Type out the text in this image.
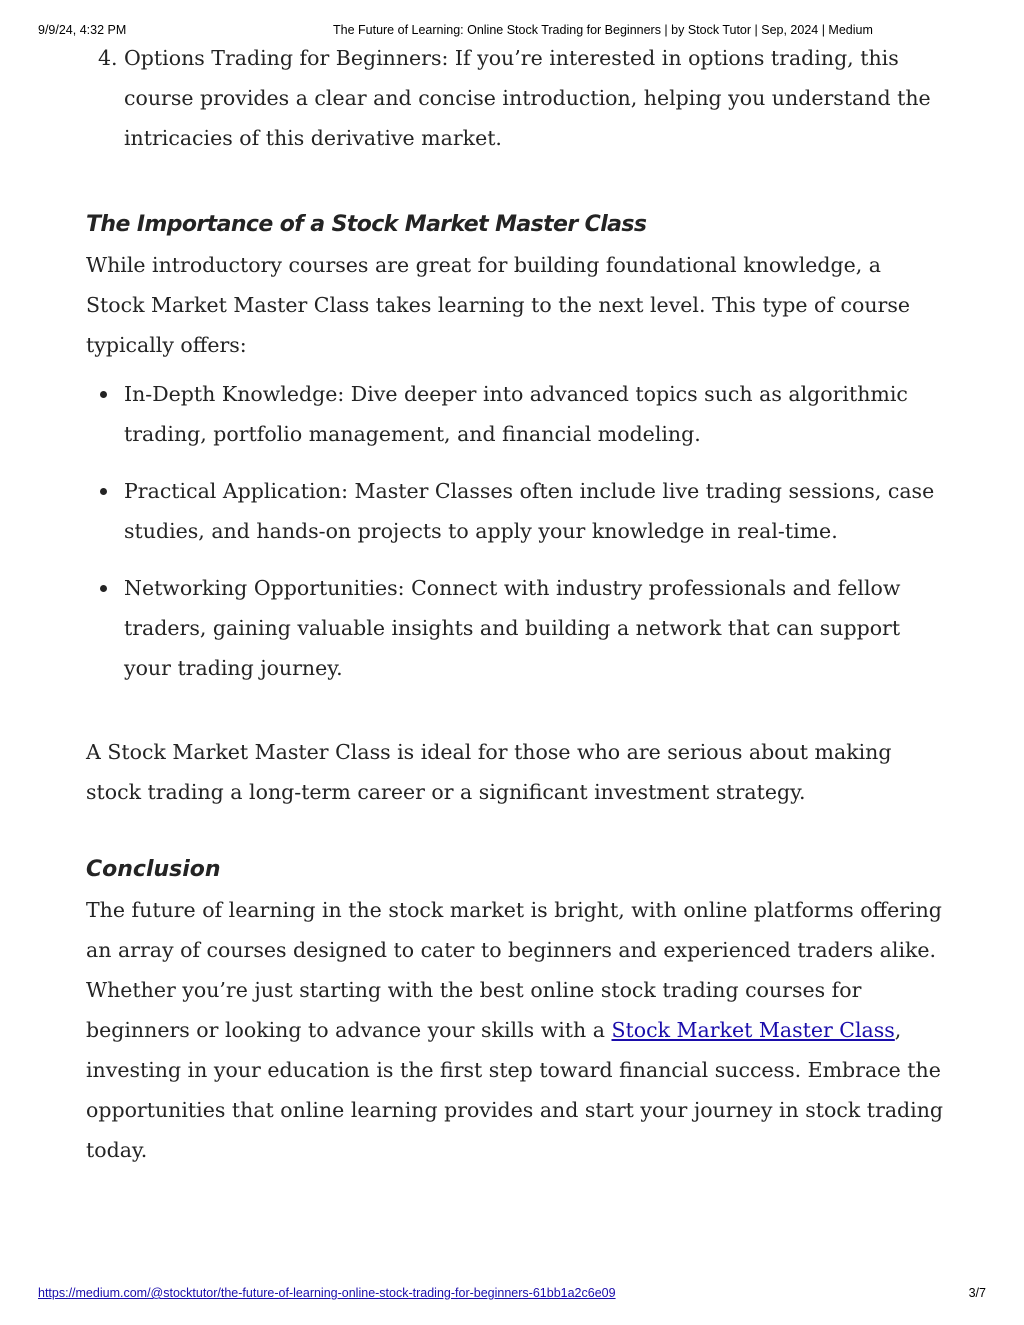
9/9/24, 4:32 PM	The Future of Learning: Online Stock Trading for Beginners | by Stock Tutor | Sep, 2024 | Medium
4. Options Trading for Beginners: If you’re interested in options trading, this course provides a clear and concise introduction, helping you understand the intricacies of this derivative market.
The Importance of a Stock Market Master Class

While introductory courses are great for building foundational knowledge, a Stock Market Master Class takes learning to the next level. This type of course typically offers:

In-Depth Knowledge: Dive deeper into advanced topics such as algorithmic trading, portfolio management, and financial modeling.
Practical Application: Master Classes often include live trading sessions, case studies, and hands-on projects to apply your knowledge in real-time.
Networking Opportunities: Connect with industry professionals and fellow traders, gaining valuable insights and building a network that can support your trading journey.

A Stock Market Master Class is ideal for those who are serious about making stock trading a long-term career or a significant investment strategy.

Conclusion

The future of learning in the stock market is bright, with online platforms offering an array of courses designed to cater to beginners and experienced traders alike. Whether you’re just starting with the best online stock trading courses for beginners or looking to advance your skills with a Stock Market Master Class, investing in your education is the first step toward financial success. Embrace the opportunities that online learning provides and start your journey in stock trading today.

https://medium.com/@stocktutor/the-future-of-learning-online-stock-trading-for-beginners-61bb1a2c6e09	3/7
